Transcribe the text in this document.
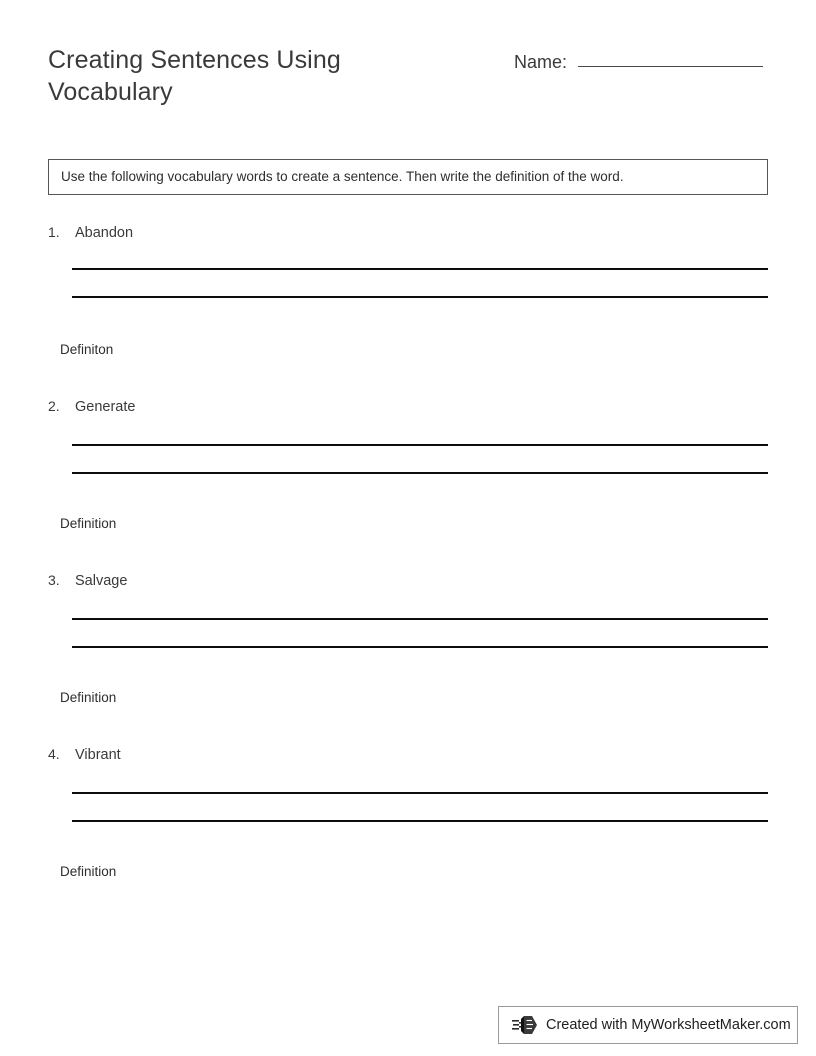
Creating Sentences Using Vocabulary
Name:
Use the following vocabulary words to create a sentence. Then write the definition of the word.
1.	Abandon
Definiton
2.	Generate
Definition
3.	Salvage
Definition
4.	Vibrant
Definition
Created with MyWorksheetMaker.com
